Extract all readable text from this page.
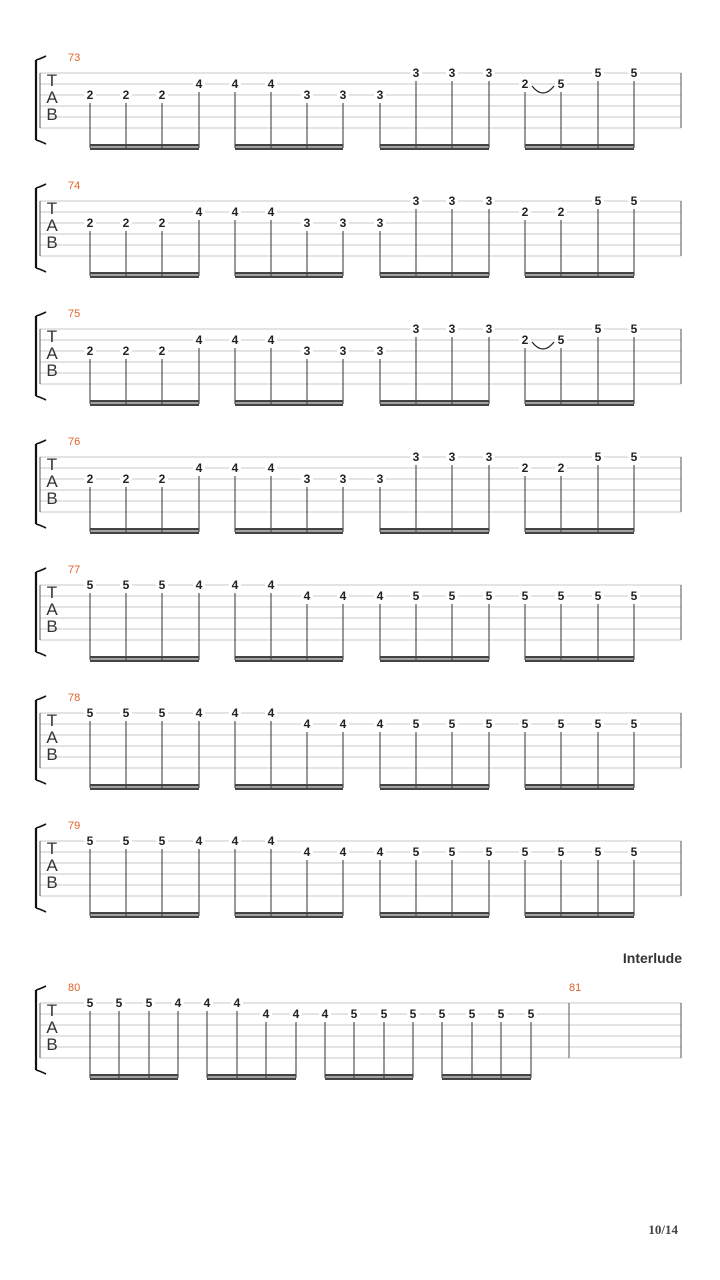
T
A
B
73
2 2 2
4 4 4
3 3	3
3 3	3
2 5
5 5
T
A
B
74
2 2 2
4 4 4
3 3	3
3 3	3
2 2
5 5
T
A
B
75
2 2 2
4 4 4
3 3	3
3 3	3
2 5
5 5
T
A
B
76
2 2 2
4 4 4
3 3	3
3 3	3
2 2
5 5
T
A
B
77
5 5 5	4 4 4
4 4	4 5 5	5 5 5	5 5
T
A
B
78
5 5 5	4 4 4
4 4	4 5 5	5 5 5	5 5
T
A
B
79
5 5 5	4 4 4
4 4	4 5 5	5 5 5	5 5
T
A
B
80	81
5 5 5 4 4 4
4 4 4 5 5 5 5 5 5 5
Interlude
10/14
